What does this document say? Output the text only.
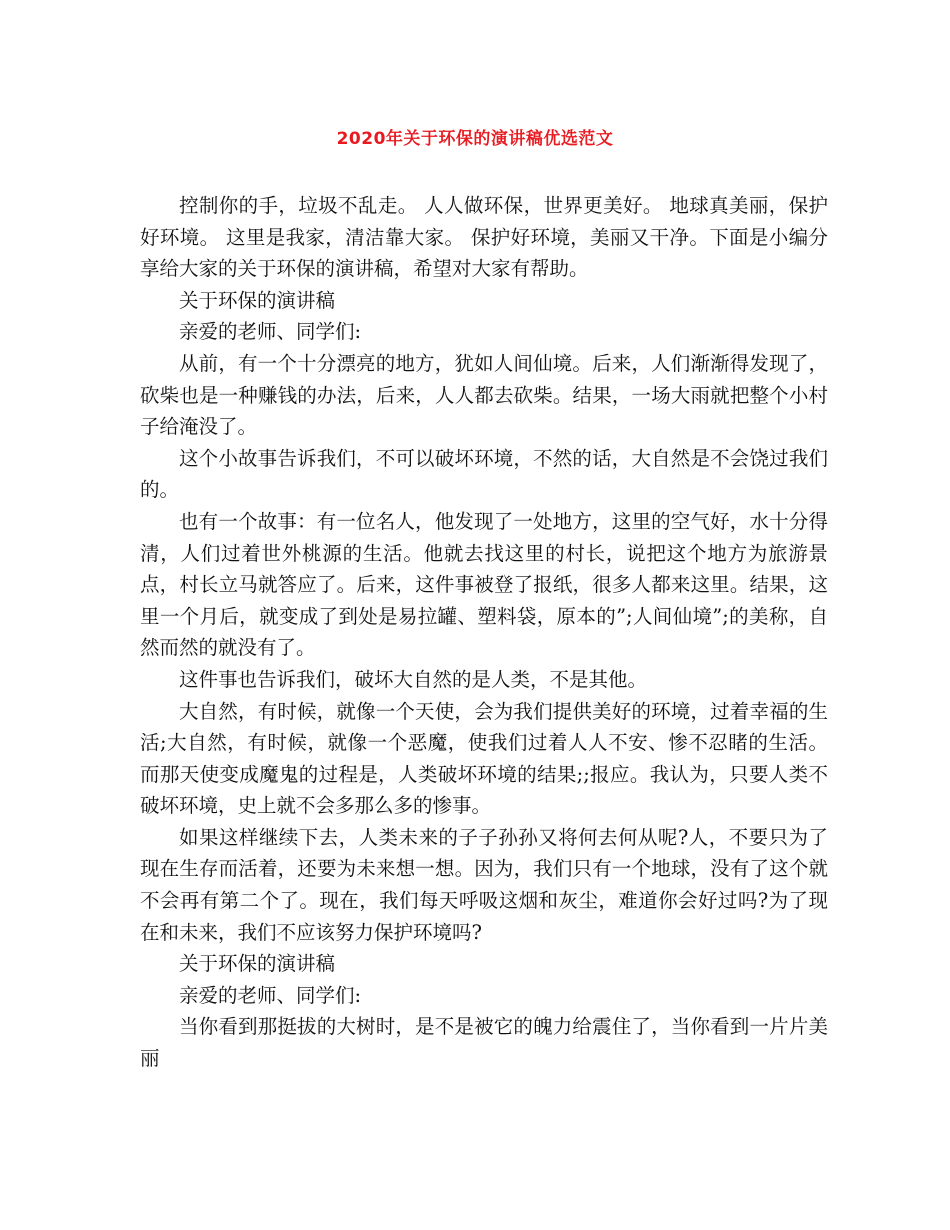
2020年关于环保的演讲稿优选范文

控制你的手，垃圾不乱走。 人人做环保，世界更美好。 地球真美丽，保护好环境。 这里是我家，清洁靠大家。 保护好环境，美丽又干净。下面是小编分享给大家的关于环保的演讲稿，希望对大家有帮助。

关于环保的演讲稿

亲爱的老师、同学们:

从前，有一个十分漂亮的地方，犹如人间仙境。后来，人们渐渐得发现了，砍柴也是一种赚钱的办法，后来，人人都去砍柴。结果，一场大雨就把整个小村子给淹没了。

这个小故事告诉我们，不可以破坏环境，不然的话，大自然是不会饶过我们的。

也有一个故事：有一位名人，他发现了一处地方，这里的空气好，水十分得清，人们过着世外桃源的生活。他就去找这里的村长，说把这个地方为旅游景点，村长立马就答应了。后来，这件事被登了报纸，很多人都来这里。结果，这里一个月后，就变成了到处是易拉罐、塑料袋，原本的”;人间仙境”;的美称，自然而然的就没有了。

这件事也告诉我们，破坏大自然的是人类，不是其他。

大自然，有时候，就像一个天使，会为我们提供美好的环境，过着幸福的生活;大自然，有时候，就像一个恶魔，使我们过着人人不安、惨不忍睹的生活。而那天使变成魔鬼的过程是，人类破坏环境的结果;;报应。我认为，只要人类不破坏环境，史上就不会多那么多的惨事。

如果这样继续下去，人类未来的子子孙孙又将何去何从呢?人，不要只为了现在生存而活着，还要为未来想一想。因为，我们只有一个地球，没有了这个就不会再有第二个了。现在，我们每天呼吸这烟和灰尘，难道你会好过吗?为了现在和未来，我们不应该努力保护环境吗?

关于环保的演讲稿

亲爱的老师、同学们:

当你看到那挺拔的大树时，是不是被它的魄力给震住了，当你看到一片片美丽
